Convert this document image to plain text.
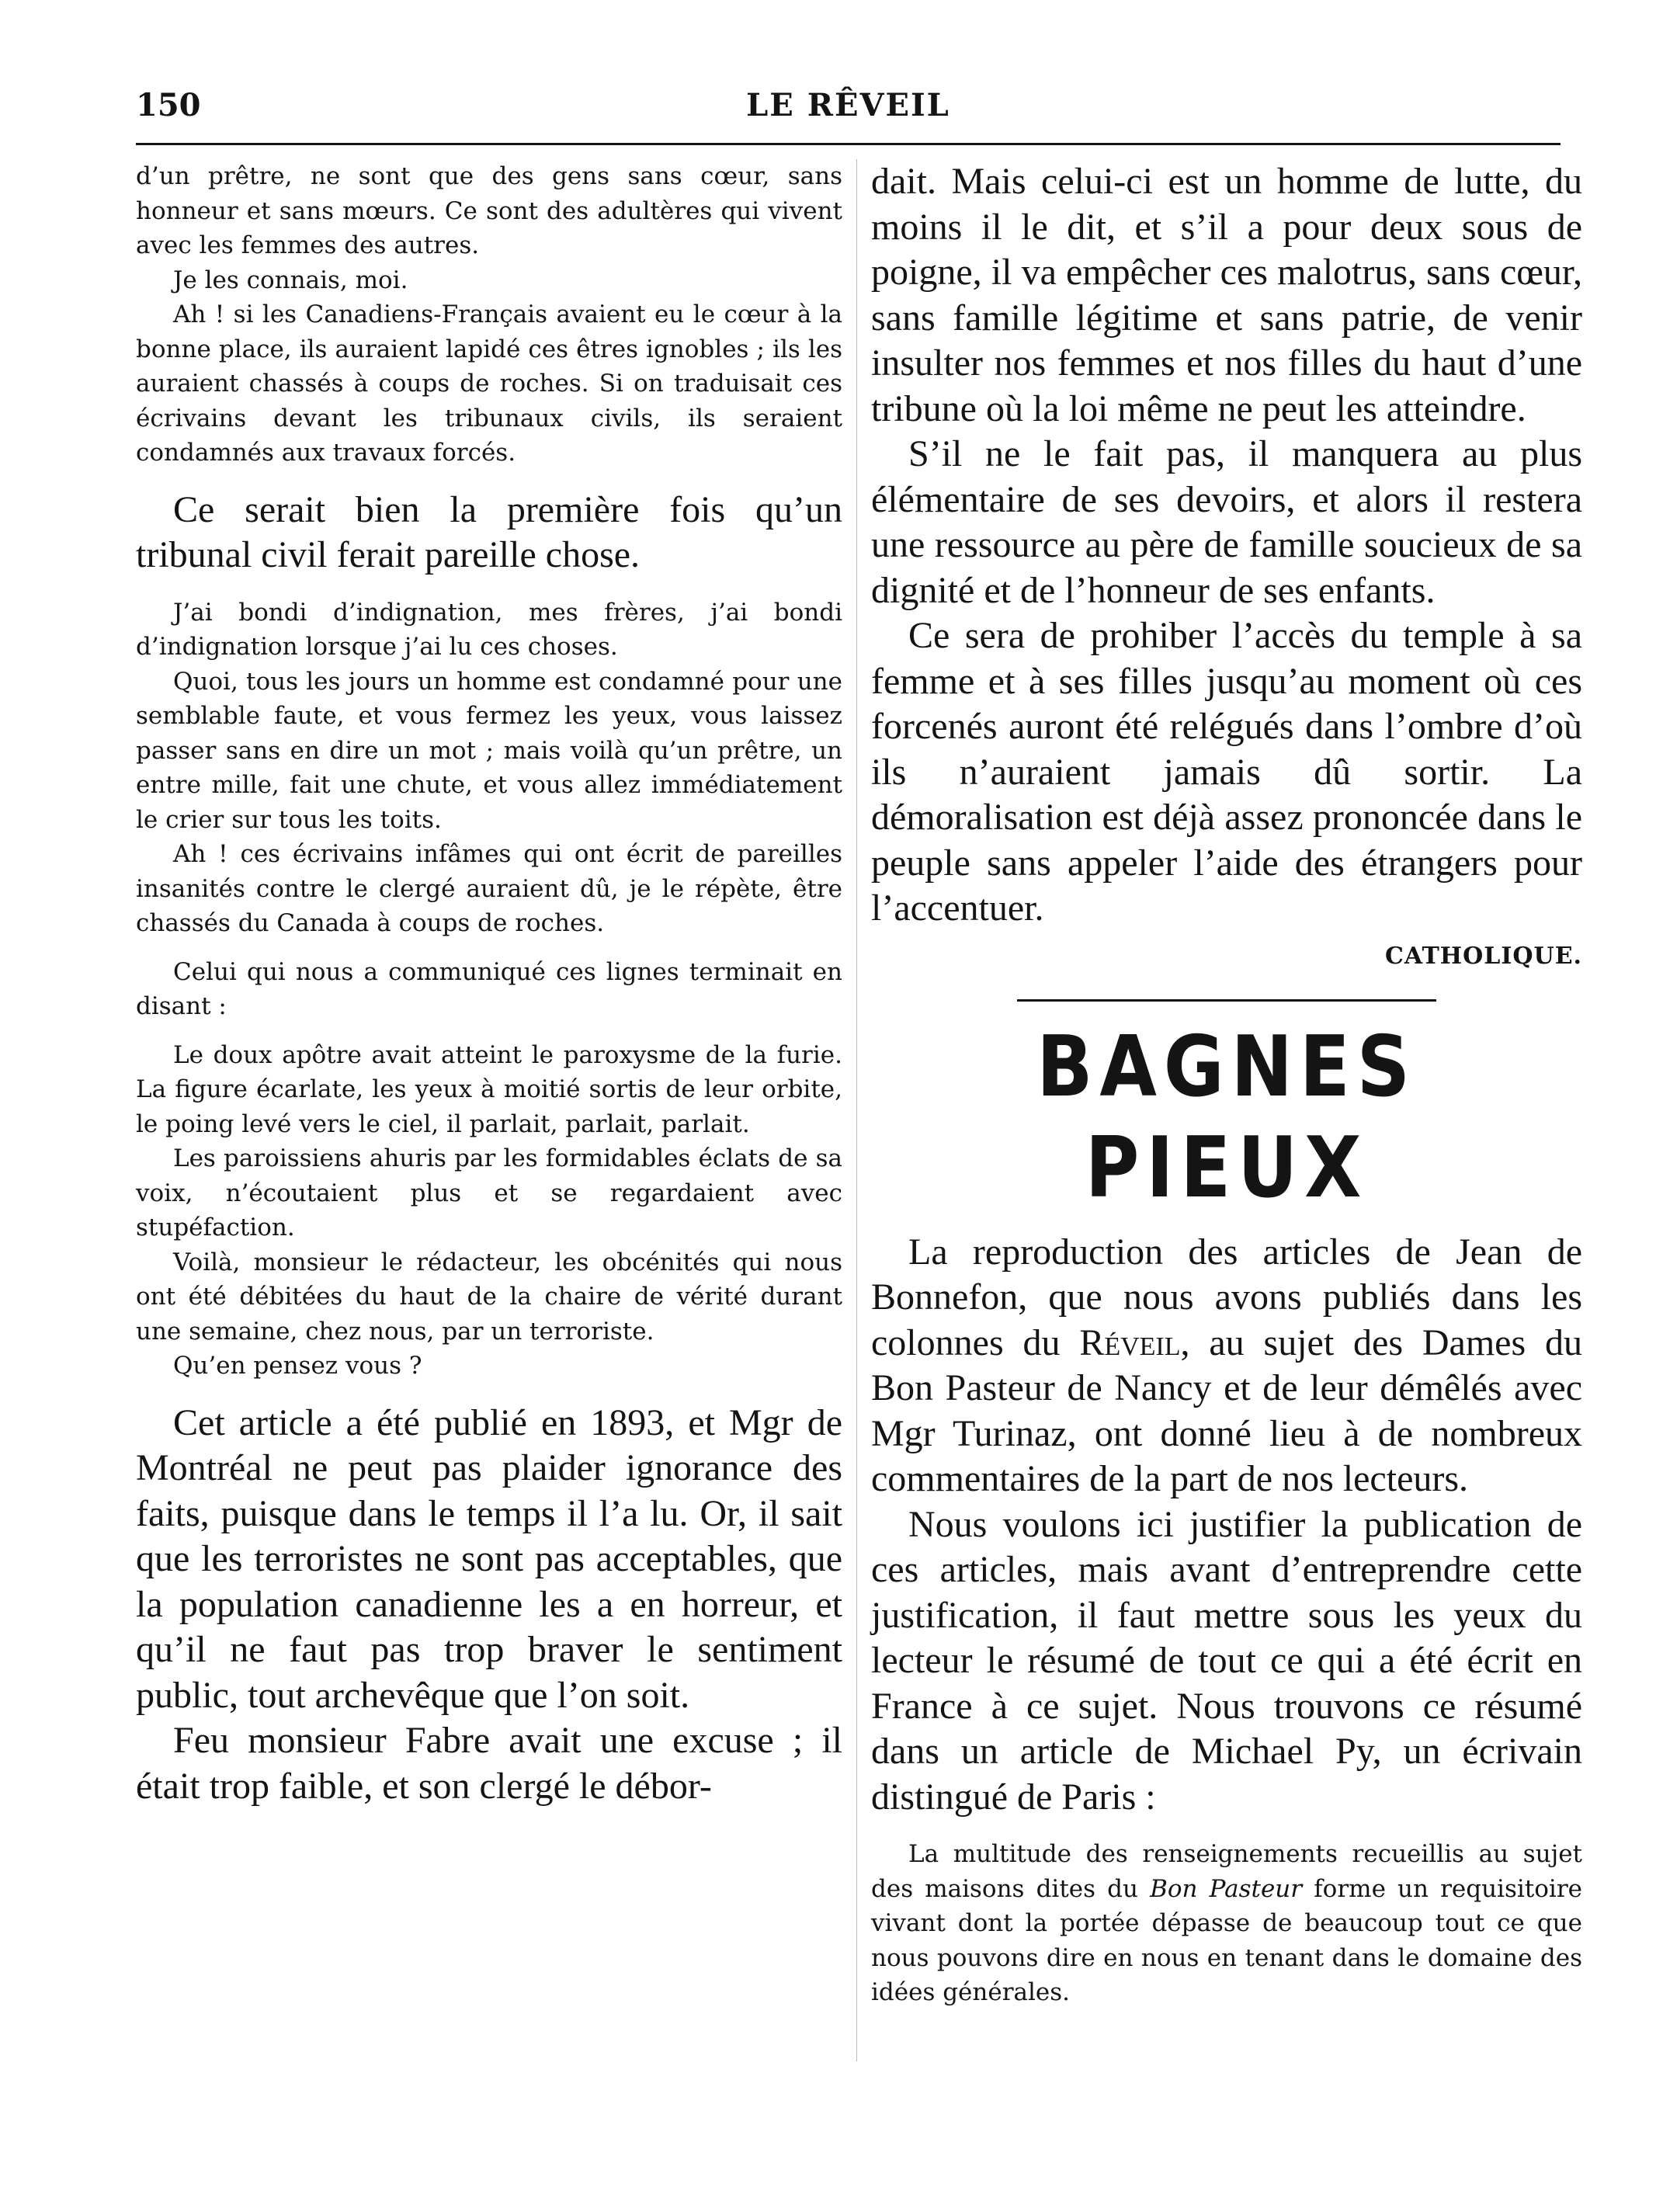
150	LE RÊVEIL

d’un prêtre, ne sont que des gens sans cœur, sans honneur et sans mœurs. Ce sont des adultères qui vivent avec les femmes des autres.

Je les connais, moi.

Ah ! si les Canadiens-Français avaient eu le cœur à la bonne place, ils auraient lapidé ces êtres ignobles ; ils les auraient chassés à coups de roches. Si on traduisait ces écrivains devant les tribunaux civils, ils seraient condamnés aux travaux forcés.

Ce serait bien la première fois qu’un tribunal civil ferait pareille chose.

J’ai bondi d’indignation, mes frères, j’ai bondi d’indignation lorsque j’ai lu ces choses.

Quoi, tous les jours un homme est condamné pour une semblable faute, et vous fermez les yeux, vous laissez passer sans en dire un mot ; mais voilà qu’un prêtre, un entre mille, fait une chute, et vous allez immédiatement le crier sur tous les toits.

Ah ! ces écrivains infâmes qui ont écrit de pareilles insanités contre le clergé auraient dû, je le répète, être chassés du Canada à coups de roches.

Celui qui nous a communiqué ces lignes terminait en disant :

Le doux apôtre avait atteint le paroxysme de la furie. La figure écarlate, les yeux à moitié sortis de leur orbite, le poing levé vers le ciel, il parlait, parlait, parlait.

Les paroissiens ahuris par les formidables éclats de sa voix, n’écoutaient plus et se regardaient avec stupéfaction.

Voilà, monsieur le rédacteur, les obcénités qui nous ont été débitées du haut de la chaire de vérité durant une semaine, chez nous, par un terroriste.

Qu’en pensez vous ?

Cet article a été publié en 1893, et Mgr de Montréal ne peut pas plaider ignorance des faits, puisque dans le temps il l’a lu. Or, il sait que les terroristes ne sont pas acceptables, que la population canadienne les a en horreur, et qu’il ne faut pas trop braver le sentiment public, tout archevêque que l’on soit.

Feu monsieur Fabre avait une excuse ; il était trop faible, et son clergé le débor-

dait. Mais celui-ci est un homme de lutte, du moins il le dit, et s’il a pour deux sous de poigne, il va empêcher ces malotrus, sans cœur, sans famille légitime et sans patrie, de venir insulter nos femmes et nos filles du haut d’une tribune où la loi même ne peut les atteindre.

S’il ne le fait pas, il manquera au plus élémentaire de ses devoirs, et alors il restera une ressource au père de famille soucieux de sa dignité et de l’honneur de ses enfants.

Ce sera de prohiber l’accès du temple à sa femme et à ses filles jusqu’au moment où ces forcenés auront été relégués dans l’ombre d’où ils n’auraient jamais dû sortir. La démoralisation est déjà assez prononcée dans le peuple sans appeler l’aide des étrangers pour l’accentuer.

CATHOLIQUE.
BAGNES PIEUX

La reproduction des articles de Jean de Bonnefon, que nous avons publiés dans les colonnes du Réveil, au sujet des Dames du Bon Pasteur de Nancy et de leur démêlés avec Mgr Turinaz, ont donné lieu à de nombreux commentaires de la part de nos lecteurs.

Nous voulons ici justifier la publication de ces articles, mais avant d’entreprendre cette justification, il faut mettre sous les yeux du lecteur le résumé de tout ce qui a été écrit en France à ce sujet. Nous trouvons ce résumé dans un article de Michael Py, un écrivain distingué de Paris :

La multitude des renseignements recueillis au sujet des maisons dites du Bon Pasteur forme un requisitoire vivant dont la portée dépasse de beaucoup tout ce que nous pouvons dire en nous en tenant dans le domaine des idées générales.
